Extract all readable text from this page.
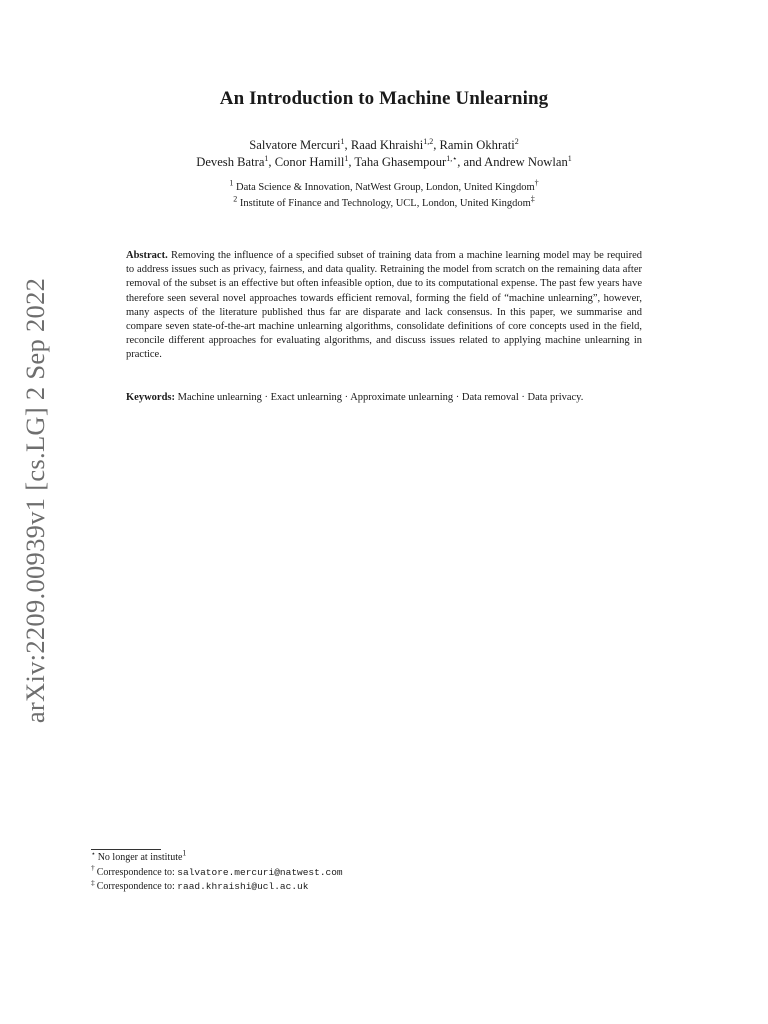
arXiv:2209.00939v1 [cs.LG] 2 Sep 2022
An Introduction to Machine Unlearning
Salvatore Mercuri$^1$, Raad Khraishi$^{1,2}$, Ramin Okhrati$^2$
Devesh Batra$^1$, Conor Hamill$^1$, Taha Ghasempour$^{1,⋆}$, and Andrew Nowlan$^1$
$^1$ Data Science & Innovation, NatWest Group, London, United Kingdom†
$^2$ Institute of Finance and Technology, UCL, London, United Kingdom‡
Abstract. Removing the influence of a specified subset of training data from a machine learning model may be required to address issues such as privacy, fairness, and data quality. Retraining the model from scratch on the remaining data after removal of the subset is an effective but often infeasible option, due to its computational expense. The past few years have therefore seen several novel approaches towards efficient removal, forming the field of “machine unlearning”, however, many aspects of the literature published thus far are disparate and lack consensus. In this paper, we summarise and compare seven state-of-the-art machine unlearning algorithms, consolidate definitions of core concepts used in the field, reconcile different approaches for evaluating algorithms, and discuss issues related to applying machine unlearning in practice.
Keywords: Machine unlearning · Exact unlearning · Approximate unlearning · Data removal · Data privacy.
⋆ No longer at institute$^1$
† Correspondence to: salvatore.mercuri@natwest.com
‡ Correspondence to: raad.khraishi@ucl.ac.uk
